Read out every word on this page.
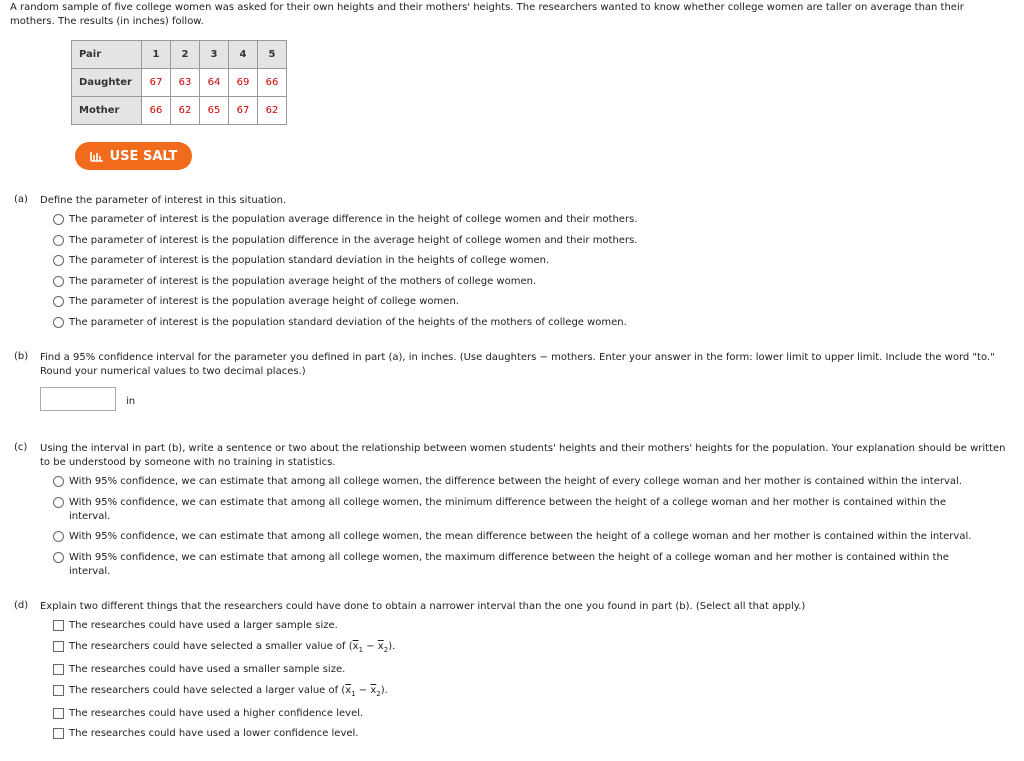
A random sample of five college women was asked for their own heights and their mothers' heights. The researchers wanted to know whether college women are taller on average than their mothers. The results (in inches) follow.
Pair	1	2	3	4	5
Daughter	67	63	64	69	66
Mother	66	62	65	67	62
USE SALT
(a) Define the parameter of interest in this situation.
The parameter of interest is the population average difference in the height of college women and their mothers.
The parameter of interest is the population difference in the average height of college women and their mothers.
The parameter of interest is the population standard deviation in the heights of college women.
The parameter of interest is the population average height of the mothers of college women.
The parameter of interest is the population average height of college women.
The parameter of interest is the population standard deviation of the heights of the mothers of college women.
(b) Find a 95% confidence interval for the parameter you defined in part (a), in inches. (Use daughters − mothers. Enter your answer in the form: lower limit to upper limit. Include the word "to." Round your numerical values to two decimal places.)
in
(c) Using the interval in part (b), write a sentence or two about the relationship between women students' heights and their mothers' heights for the population. Your explanation should be written to be understood by someone with no training in statistics.
With 95% confidence, we can estimate that among all college women, the difference between the height of every college woman and her mother is contained within the interval.
With 95% confidence, we can estimate that among all college women, the minimum difference between the height of a college woman and her mother is contained within the interval.
With 95% confidence, we can estimate that among all college women, the mean difference between the height of a college woman and her mother is contained within the interval.
With 95% confidence, we can estimate that among all college women, the maximum difference between the height of a college woman and her mother is contained within the interval.
(d) Explain two different things that the researchers could have done to obtain a narrower interval than the one you found in part (b). (Select all that apply.)
The researches could have used a larger sample size.
The researchers could have selected a smaller value of $(\overline{x}_1 - \overline{x}_2)$.
The researches could have used a smaller sample size.
The researchers could have selected a larger value of $(\overline{x}_1 - \overline{x}_2)$.
The researches could have used a higher confidence level.
The researches could have used a lower confidence level.
